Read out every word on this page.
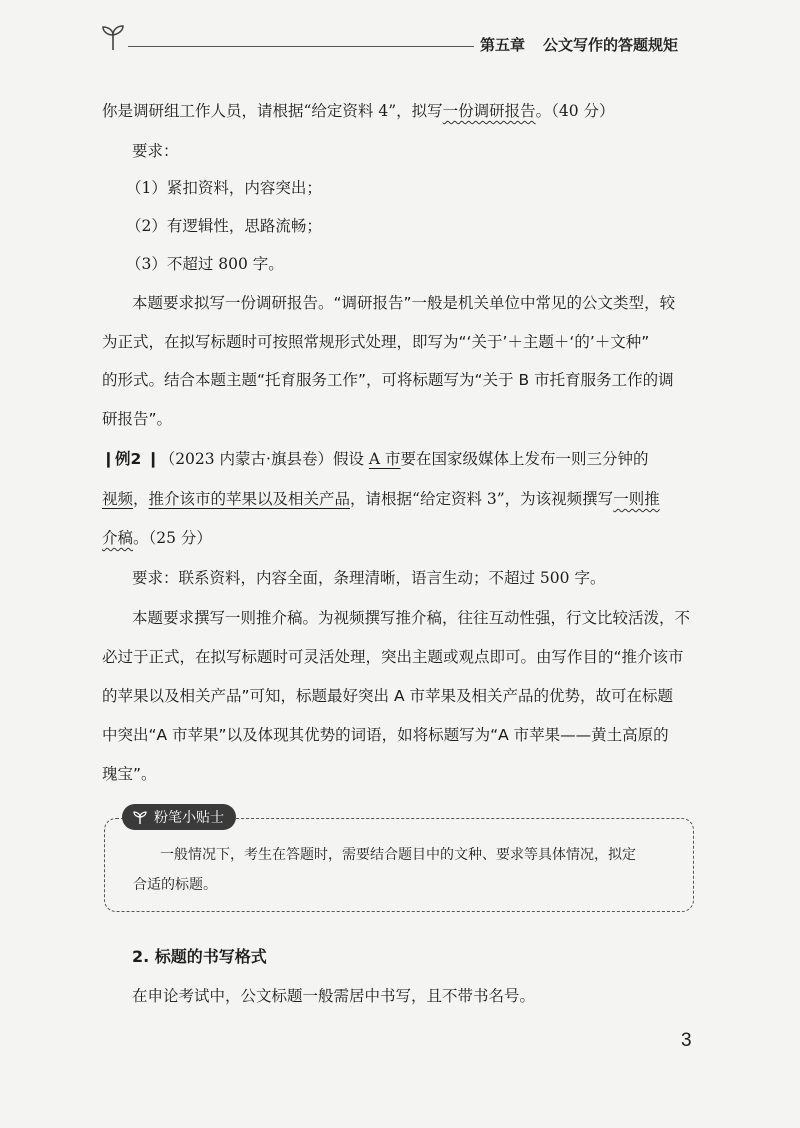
第五章 公文写作的答题规矩
你是调研组工作人员，请根据“给定资料 4”，拟写一份调研报告。（40 分）
要求：
（1）紧扣资料，内容突出；
（2）有逻辑性，思路流畅；
（3）不超过 800 字。
本题要求拟写一份调研报告。“调研报告”一般是机关单位中常见的公文类型，较
为正式，在拟写标题时可按照常规形式处理，即写为“‘关于’＋主题＋‘的’＋文种”
的形式。结合本题主题“托育服务工作”，可将标题写为“关于 B 市托育服务工作的调
研报告”。
❙例2 ❙（2023 内蒙古·旗县卷）假设 A 市要在国家级媒体上发布一则三分钟的
视频，推介该市的苹果以及相关产品，请根据“给定资料 3”，为该视频撰写一则推
介稿。（25 分）
要求：联系资料，内容全面，条理清晰，语言生动；不超过 500 字。
本题要求撰写一则推介稿。为视频撰写推介稿，往往互动性强，行文比较活泼，不
必过于正式，在拟写标题时可灵活处理，突出主题或观点即可。由写作目的“推介该市
的苹果以及相关产品”可知，标题最好突出 A 市苹果及相关产品的优势，故可在标题
中突出“A 市苹果”以及体现其优势的词语，如将标题写为“A 市苹果——黄土高原的
瑰宝”。
粉笔小贴士
一般情况下，考生在答题时，需要结合题目中的文种、要求等具体情况，拟定
合适的标题。
2. 标题的书写格式
在申论考试中，公文标题一般需居中书写，且不带书名号。
3
